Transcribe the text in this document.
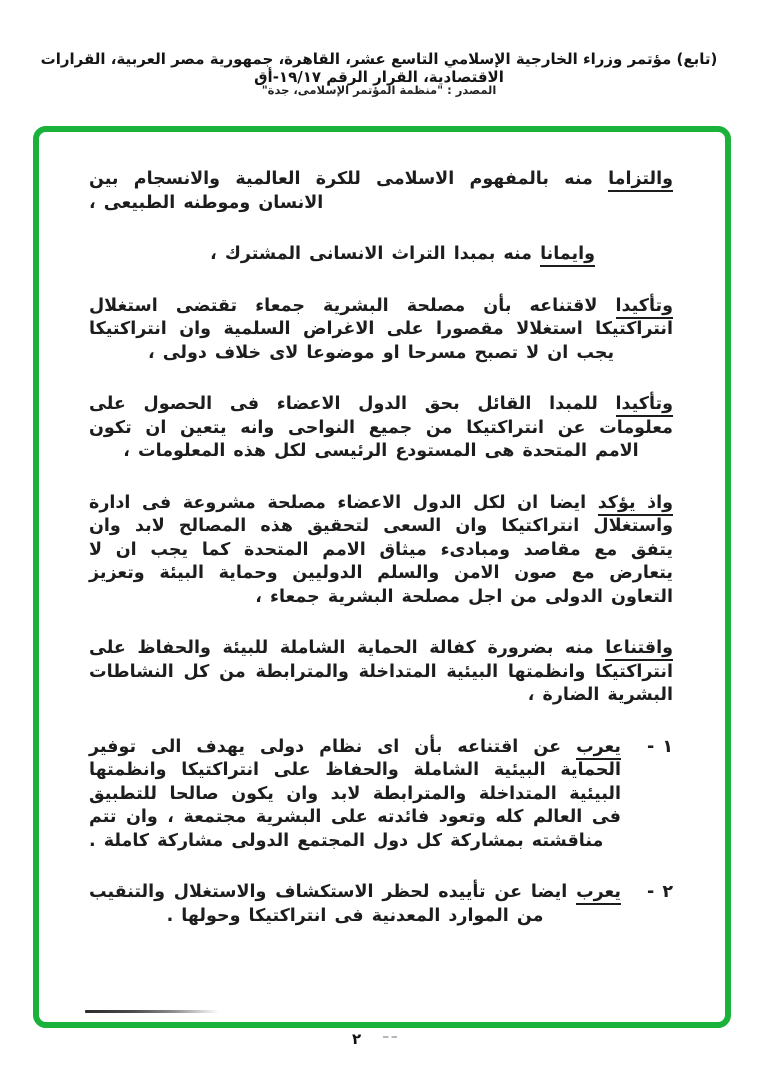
(تابع) مؤتمر وزراء الخارجية الإسلامي التاسع عشر، القاهرة، جمهورية مصر العربية، القرارات الاقتصادية، القرار الرقم ١٩/١٧-أق
المصدر : "منظمة المؤتمر الإسلامى، جدة"

والتزاما منه بالمفهوم الاسلامى للكرة العالمية والانسجام بين الانسان وموطنه الطبيعى ،

وايمانا منه بمبدا التراث الانسانى المشترك ،

وتأكيدا لاقتناعه بأن مصلحة البشرية جمعاء تقتضى استغلال انتراكتيكا استغلالا مقصورا على الاغراض السلمية وان انتراكتيكا يجب ان لا تصبح مسرحا او موضوعا لاى خلاف دولى ،

وتأكيدا للمبدا القائل بحق الدول الاعضاء فى الحصول على معلومات عن انتراكتيكا من جميع النواحى وانه يتعين ان تكون الامم المتحدة هى المستودع الرئيسى لكل هذه المعلومات ،

واذ يؤكد ايضا ان لكل الدول الاعضاء مصلحة مشروعة فى ادارة واستغلال انتراكتيكا وان السعى لتحقيق هذه المصالح لابد وان يتفق مع مقاصد ومبادىء ميثاق الامم المتحدة كما يجب ان لا يتعارض مع صون الامن والسلم الدوليين وحماية البيئة وتعزيز التعاون الدولى من اجل مصلحة البشرية جمعاء ،

واقتناعا منه بضرورة كفالة الحماية الشاملة للبيئة والحفاظ على انتراكتيكا وانظمتها البيئية المتداخلة والمترابطة من كل النشاطات البشرية الضارة ،

١ -

يعرب عن اقتناعه بأن اى نظام دولى يهدف الى توفير الحماية البيئية الشاملة والحفاظ على انتراكتيكا وانظمتها البيئية المتداخلة والمترابطة لابد وان يكون صالحا للتطبيق فى العالم كله وتعود فائدته على البشرية مجتمعة ، وان تتم مناقشته بمشاركة كل دول المجتمع الدولى مشاركة كاملة .

٢ -

يعرب ايضا عن تأييده لحظر الاستكشاف والاستغلال والتنقيب من الموارد المعدنية فى انتراكتيكا وحولها .

٢
